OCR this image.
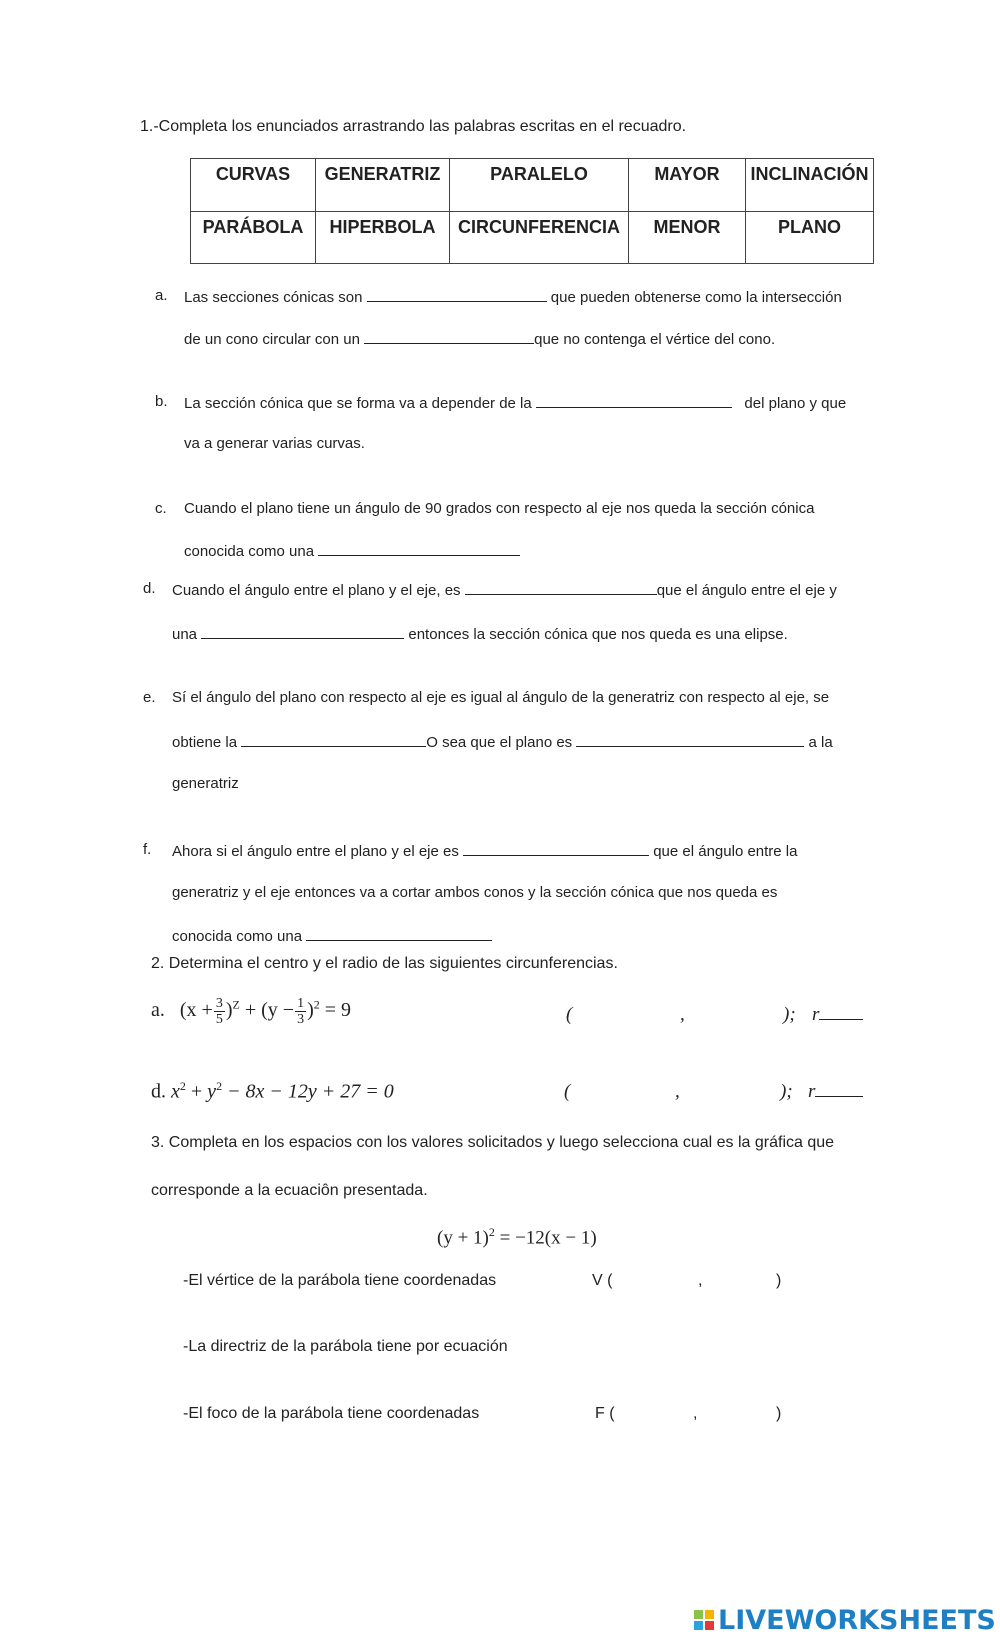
1.-Completa los enunciados arrastrando las palabras escritas en el recuadro.
CURVAS	GENERATRIZ	PARALELO	MAYOR	INCLINACIÓN
PARÁBOLA	HIPERBOLA	CIRCUNFERENCIA	MENOR	PLANO
a. Las secciones cónicas son	que pueden obtenerse como la intersección
de un cono circular con un	que no contenga el vértice del cono.
b. La sección cónica que se forma va a depender de la	del plano y que
va a generar varias curvas.
c. Cuando el plano tiene un ángulo de 90 grados con respecto al eje nos queda la sección cónica
conocida como una
d. Cuando el ángulo entre el plano y el eje, es	que el ángulo entre el eje y
una	entonces la sección cónica que nos queda es una elipse.
e. Sí el ángulo del plano con respecto al eje es igual al ángulo de la generatriz con respecto al eje, se
obtiene la	O sea que el plano es	a la
generatriz
f. Ahora si el ángulo entre el plano y el eje es	que el ángulo entre la
generatriz y el eje entonces va a cortar ambos conos y la sección cónica que nos queda es
conocida como una
2. Determina el centro y el radio de las siguientes circunferencias.
a. $(x + \frac{3}{5} )^Z + (y - \frac{1}{3} )^2 = 9$	(	,	); r
d. $x^2 + y^2 - 8x - 12y + 27 = 0$	(	,	); r
3. Completa en los espacios con los valores solicitados y luego selecciona cual es la gráfica que
corresponde a la ecuaciôn presentada.
$(y + 1)^2 = -12(x - 1)$
-El vértice de la parábola tiene coordenadas	V (	,	)
-La directriz de la parábola tiene por ecuación
-El foco de la parábola tiene coordenadas	F (	,	)
LIVEWORKSHEETS
